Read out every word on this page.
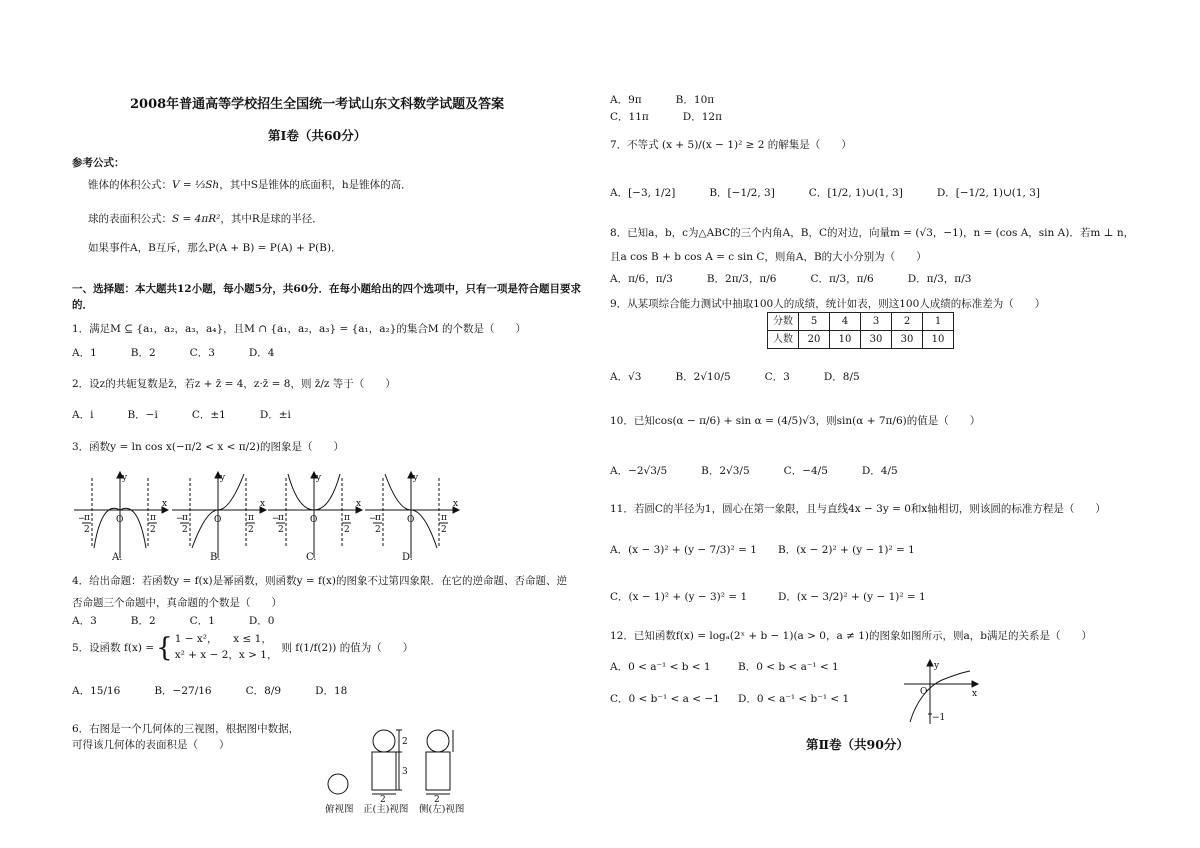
2008年普通高等学校招生全国统一考试山东文科数学试题及答案
第Ⅰ卷（共60分）
参考公式：
锥体的体积公式：V = ⅓Sh，其中S是锥体的底面积，h是锥体的高．
球的表面积公式：S = 4πR²，其中R是球的半径．
如果事件A，B互斥，那么P(A + B) = P(A) + P(B)．
一、选择题：本大题共12小题，每小题5分，共60分．在每小题给出的四个选项中，只有一项是符合题目要求
的．
1．满足M ⊆ {a₁，a₂，a₃，a₄}，且M ∩ {a₁，a₂，a₃} = {a₁，a₂}的集合M 的个数是（　　）
A．1	B．2	C．3	D．4
2．设z的共轭复数是z̄，若z + z̄ = 4，z·z̄ = 8，则 z̄/z 等于（　　）
A．i	B．−i	C．±1	D．±i
3．函数y = ln cos x(−π/2 < x < π/2)的图象是（　　）
y
x
O
−
π
2
π
2
y
x
O
−
π
2
π
2
y
x
O
−
π
2
π
2
y
x
O
−
π
2
π
2
A.	B.	C.	D.
4．给出命题：若函数y = f(x)是幂函数，则函数y = f(x)的图象不过第四象限．在它的逆命题、否命题、逆
否命题三个命题中，真命题的个数是（　　）
A．3	B．2	C．1	D．0
5．设函数 f(x) = { 1 − x²，　　x ≤ 1，
x² + x − 2，x > 1，
则 f(1/f(2)) 的值为（　　）
A．15/16	B．−27/16	C．8/9	D．18
6．右图是一个几何体的三视图，根据图中数据，
可得该几何体的表面积是（　　）	2
3
2	2
俯视图 正(主)视图 侧(左)视图
A．9π	B．10π
C．11π	D．12π
7．不等式 (x + 5)/(x − 1)² ≥ 2 的解集是（　　）
A．[−3, 1/2]	B．[−1/2, 3]	C．[1/2, 1)∪(1, 3]	D．[−1/2, 1)∪(1, 3]
8．已知a，b，c为△ABC的三个内角A，B，C的对边，向量m = (√3，−1)，n = (cos A，sin A)．若m ⊥ n，
且a cos B + b cos A = c sin C，则角A，B的大小分别为（　　）
A．π/6，π/3	B．2π/3，π/6	C．π/3，π/6	D．π/3，π/3
9．从某项综合能力测试中抽取100人的成绩，统计如表，则这100人成绩的标准差为（　　）
分数	5	4	3	2	1
人数	20	10	30	30	10
A．√3	B．2√10/5	C．3	D．8/5
10．已知cos(α − π/6) + sin α = (4/5)√3，则sin(α + 7π/6)的值是（　　）
A．−2√3/5	B．2√3/5	C．−4/5	D．4/5
11．若圆C的半径为1，圆心在第一象限，且与直线4x − 3y = 0和x轴相切，则该圆的标准方程是（　　）
A．(x − 3)² + (y − 7/3)² = 1 B．(x − 2)² + (y − 1)² = 1
C．(x − 1)² + (y − 3)² = 1	D．(x − 3/2)² + (y − 1)² = 1
12．已知函数f(x) = logₐ(2ˣ + b − 1)(a > 0，a ≠ 1)的图象如图所示，则a，b满足的关系是（　　）
A．0 < a⁻¹ < b < 1	B．0 < b < a⁻¹ < 1
C．0 < b⁻¹ < a < −1 D．0 < a⁻¹ < b⁻¹ < 1
y
x
O
−1
第Ⅱ卷（共90分）
